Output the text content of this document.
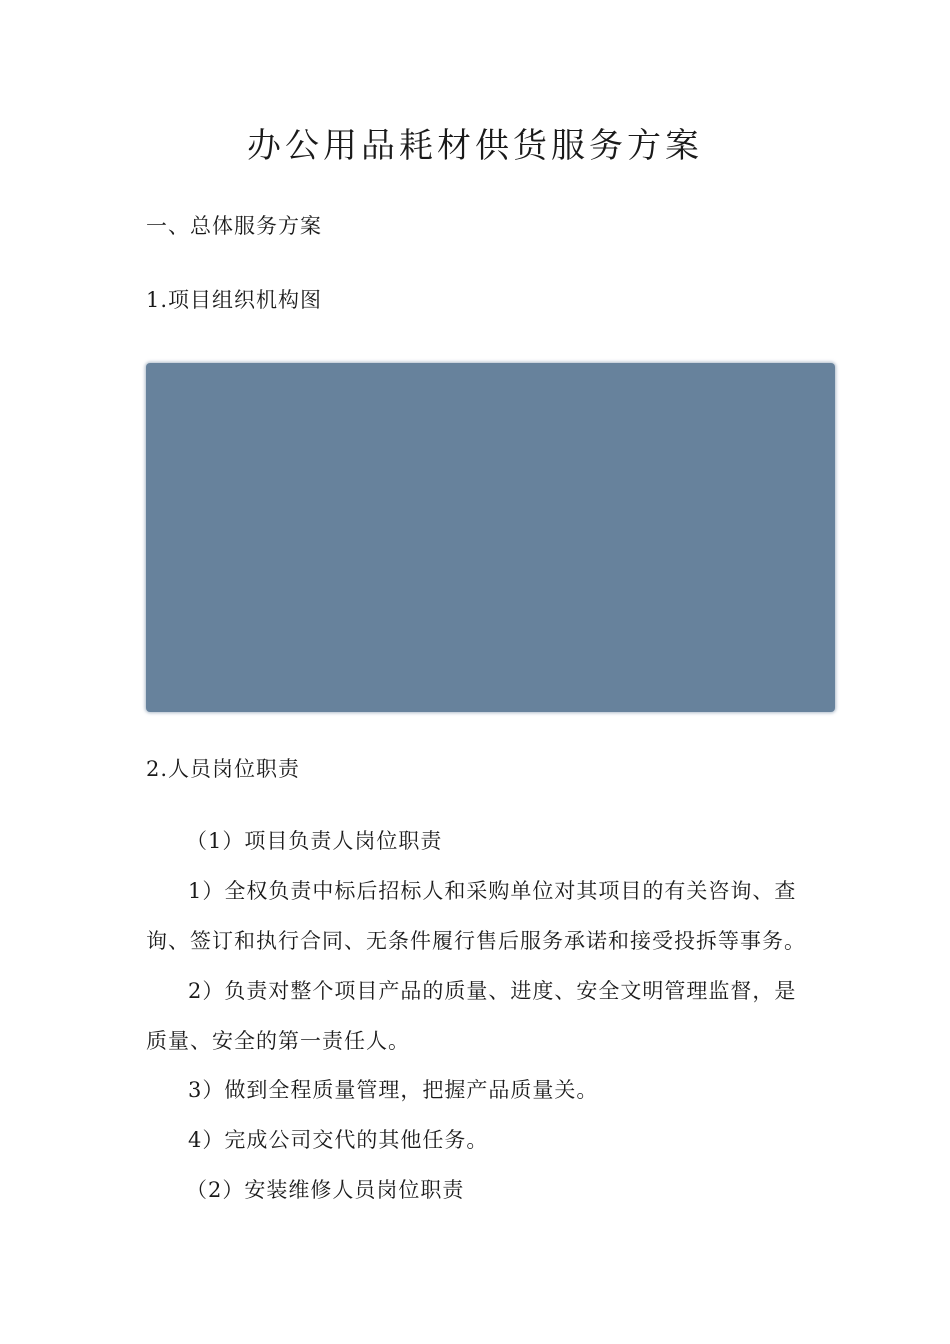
办公用品耗材供货服务方案
一、总体服务方案
1.项目组织机构图
2.人员岗位职责
（1）项目负责人岗位职责
1）全权负责中标后招标人和采购单位对其项目的有关咨询、查
询、签订和执行合同、无条件履行售后服务承诺和接受投拆等事务。
2）负责对整个项目产品的质量、进度、安全文明管理监督，是
质量、安全的第一责任人。
3）做到全程质量管理，把握产品质量关。
4）完成公司交代的其他任务。
（2）安装维修人员岗位职责
